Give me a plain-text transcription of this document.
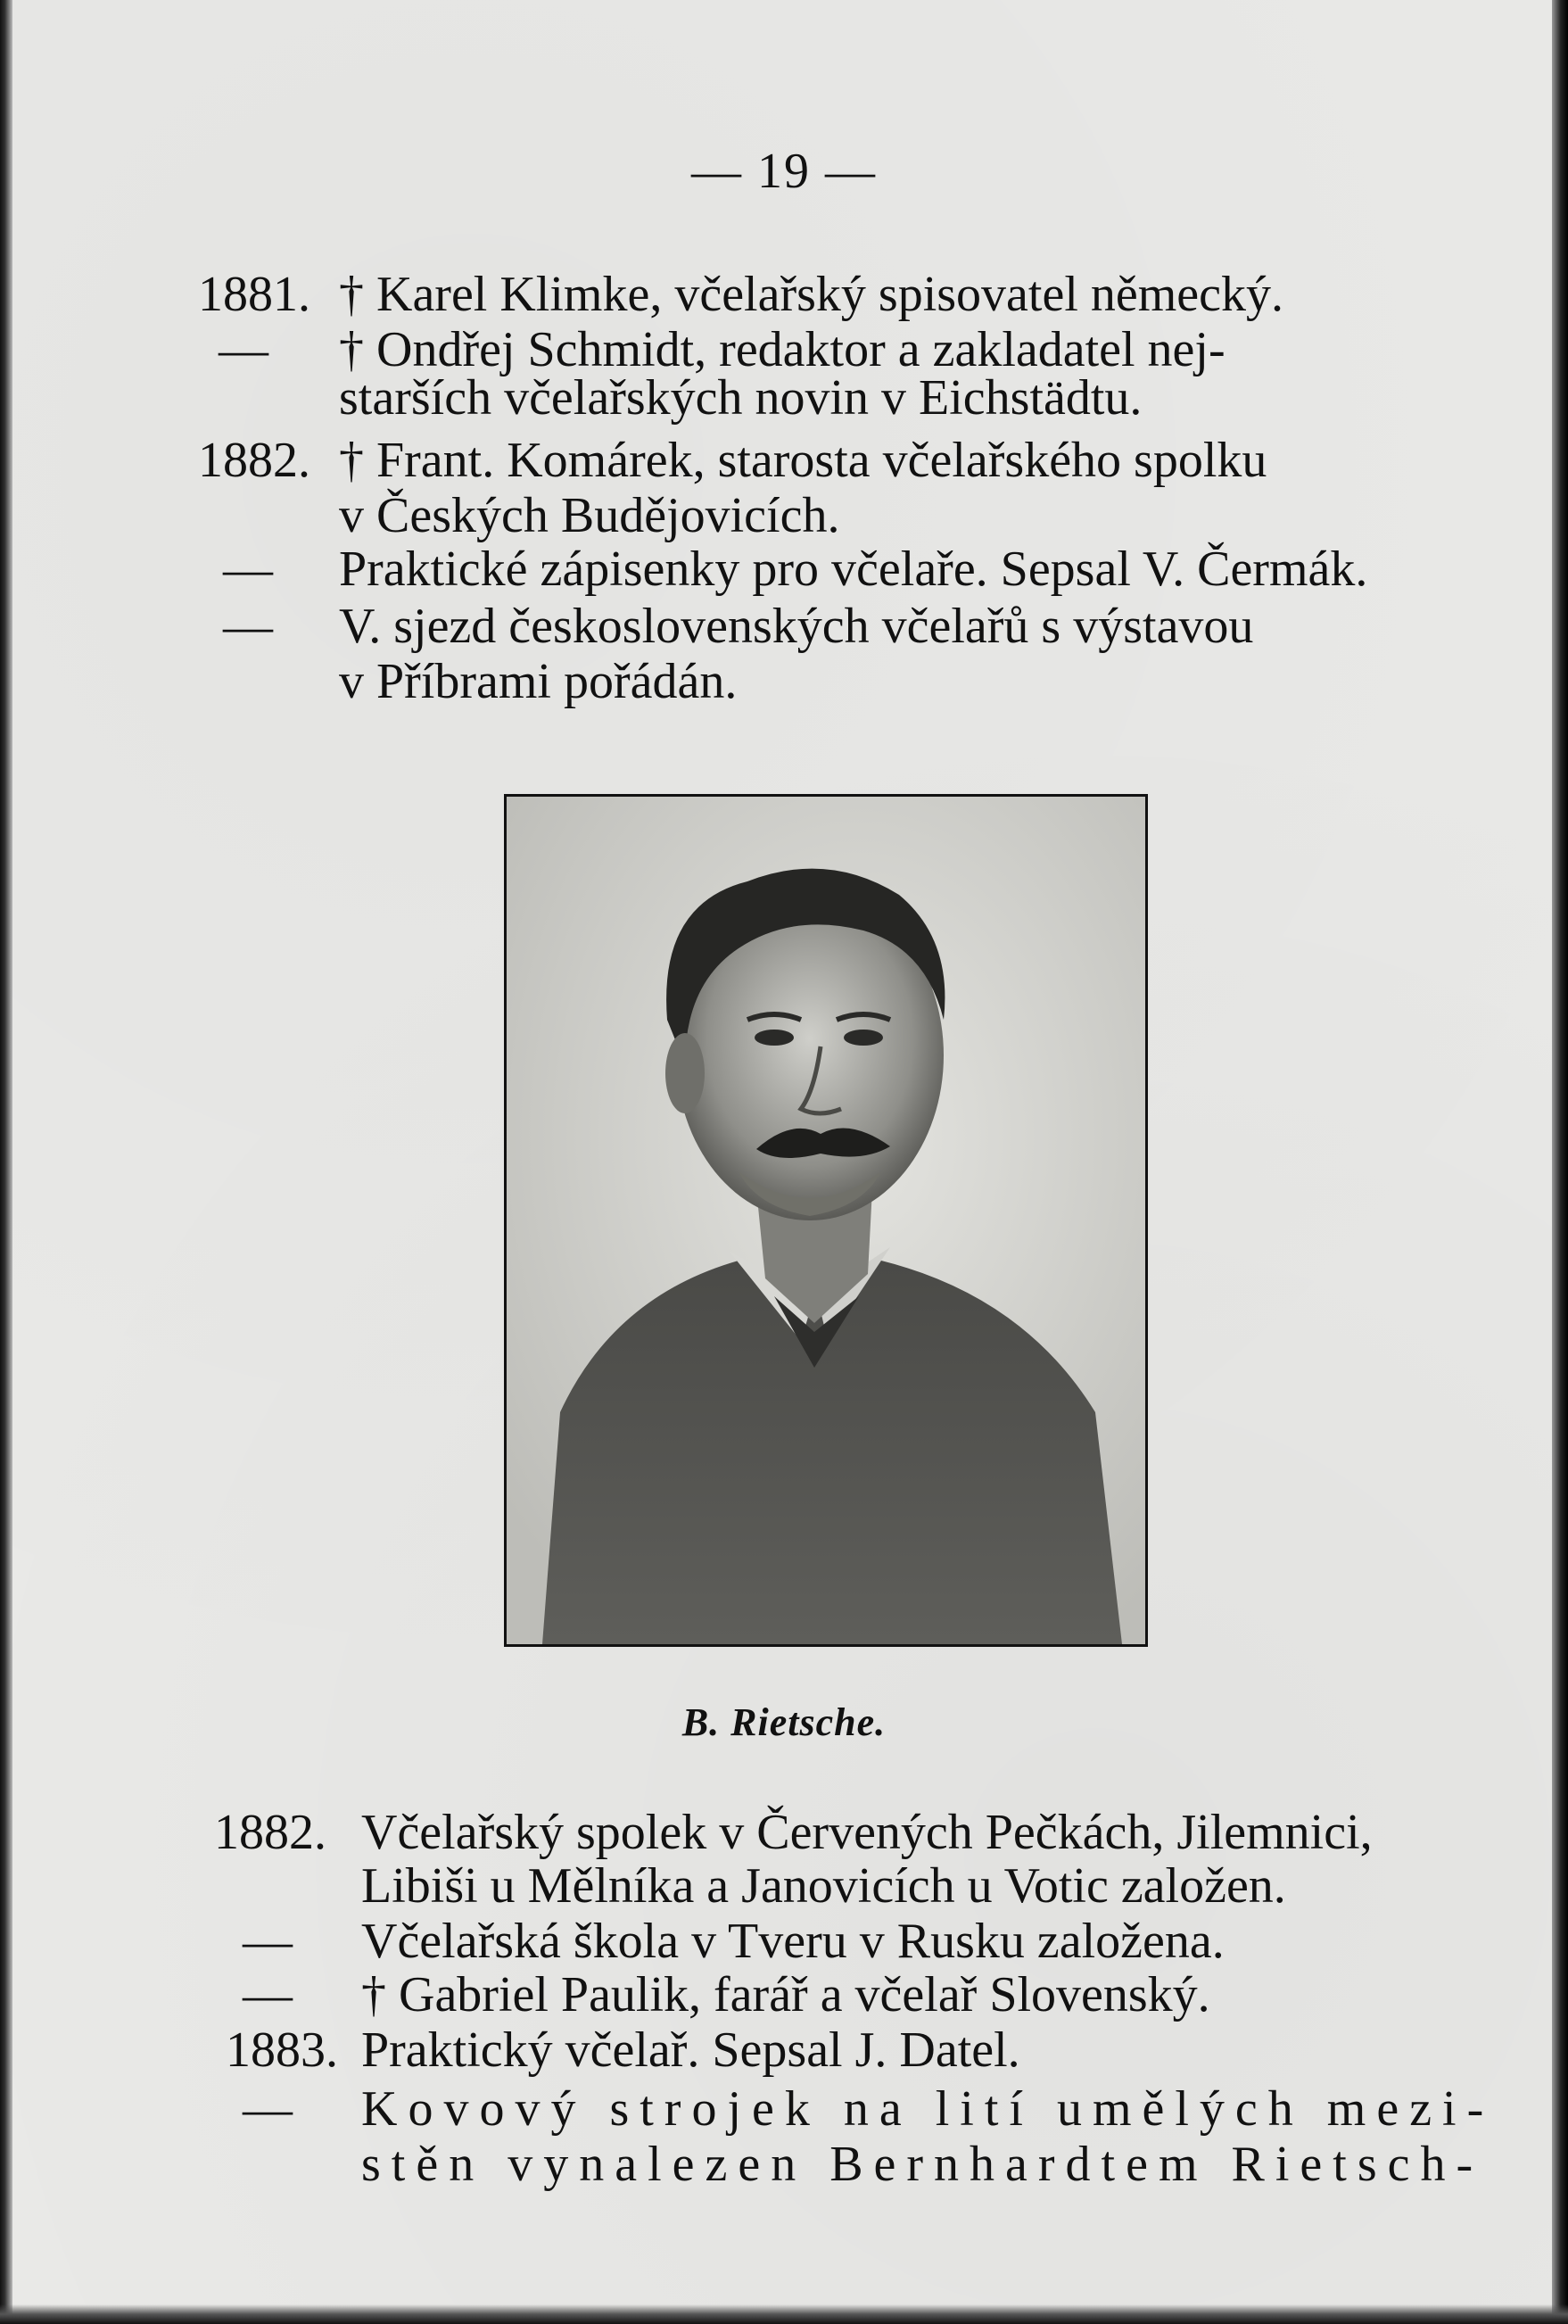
— 19 —
1881. † Karel Klimke, včelařský spisovatel německý.
— † Ondřej Schmidt, redaktor a zakladatel nej-
starších včelařských novin v Eichstädtu.
1882. † Frant. Komárek, starosta včelařského spolku
v Českých Budějovicích.
— Praktické zápisenky pro včelaře. Sepsal V. Čermák.
— V. sjezd československých včelařů s výstavou
v Příbrami pořádán.
B. Rietsche.
1882. Včelařský spolek v Červených Pečkách, Jilemnici,
Libiši u Mělníka a Janovicích u Votic založen.
— Včelařská škola v Tveru v Rusku založena.
— † Gabriel Paulik, farář a včelař Slovenský.
1883. Praktický včelař. Sepsal J. Datel.
— Kovový strojek na lití umělých mezi-
stěn vynalezen Bernhardtem Rietsch-
